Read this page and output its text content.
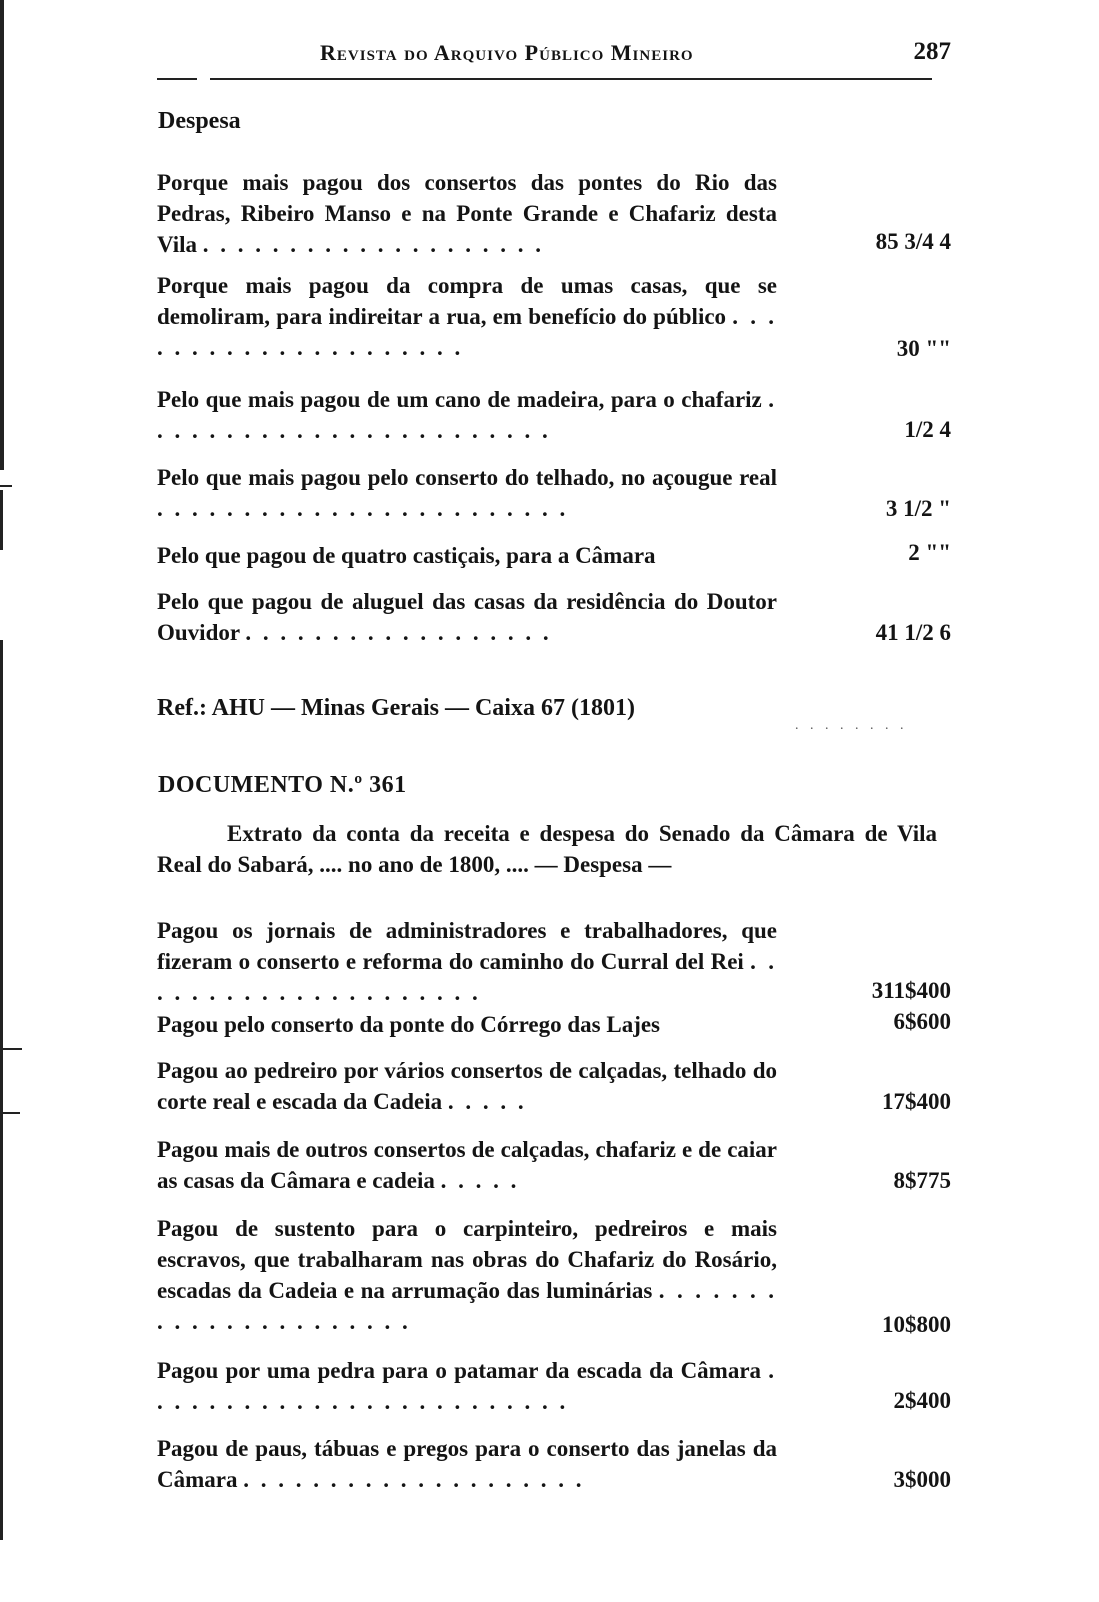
Revista do Arquivo Público Mineiro	287
Despesa
Porque mais pagou dos consertos das pontes do Rio das Pedras, Ribeiro Manso e na Ponte Grande e Chafariz desta Vila . . . . . . . . . . . . . . . . . . . .	85 3/4 4
Porque mais pagou da compra de umas casas, que se demoliram, para indireitar a rua, em benefício do público . . . . . . . . . . . . . . . . . . . . .	30 ""
Pelo que mais pagou de um cano de madeira, para o chafariz . . . . . . . . . . . . . . . . . . . . . . . .	1/2 4
Pelo que mais pagou pelo conserto do telhado, no açougue real . . . . . . . . . . . . . . . . . . . . . . . .	3 1/2 "
Pelo que pagou de quatro castiçais, para a Câmara	2 ""
Pelo que pagou de aluguel das casas da residência do Doutor Ouvidor . . . . . . . . . . . . . . . . . .	41 1/2 6
Ref.: AHU — Minas Gerais — Caixa 67 (1801)
. . . . . . . .
DOCUMENTO N.º 361
Extrato da conta da receita e despesa do Senado da Câmara de Vila Real do Sabará, .... no ano de 1800, .... — Despesa —
Pagou os jornais de administradores e trabalhadores, que fizeram o conserto e reforma do caminho do Curral del Rei . . . . . . . . . . . . . . . . . . . . .	311$400
Pagou pelo conserto da ponte do Córrego das Lajes	6$600
Pagou ao pedreiro por vários consertos de calçadas, telhado do corte real e escada da Cadeia . . . . .	17$400
Pagou mais de outros consertos de calçadas, chafariz e de caiar as casas da Câmara e cadeia . . . . .	8$775
Pagou de sustento para o carpinteiro, pedreiros e mais escravos, que trabalharam nas obras do Chafariz do Rosário, escadas da Cadeia e na arrumação das luminárias . . . . . . . . . . . . . . . . . . . . . .	10$800
Pagou por uma pedra para o patamar da escada da Câmara . . . . . . . . . . . . . . . . . . . . . . . . .	2$400
Pagou de paus, tábuas e pregos para o conserto das janelas da Câmara . . . . . . . . . . . . . . . . . . . .	3$000
